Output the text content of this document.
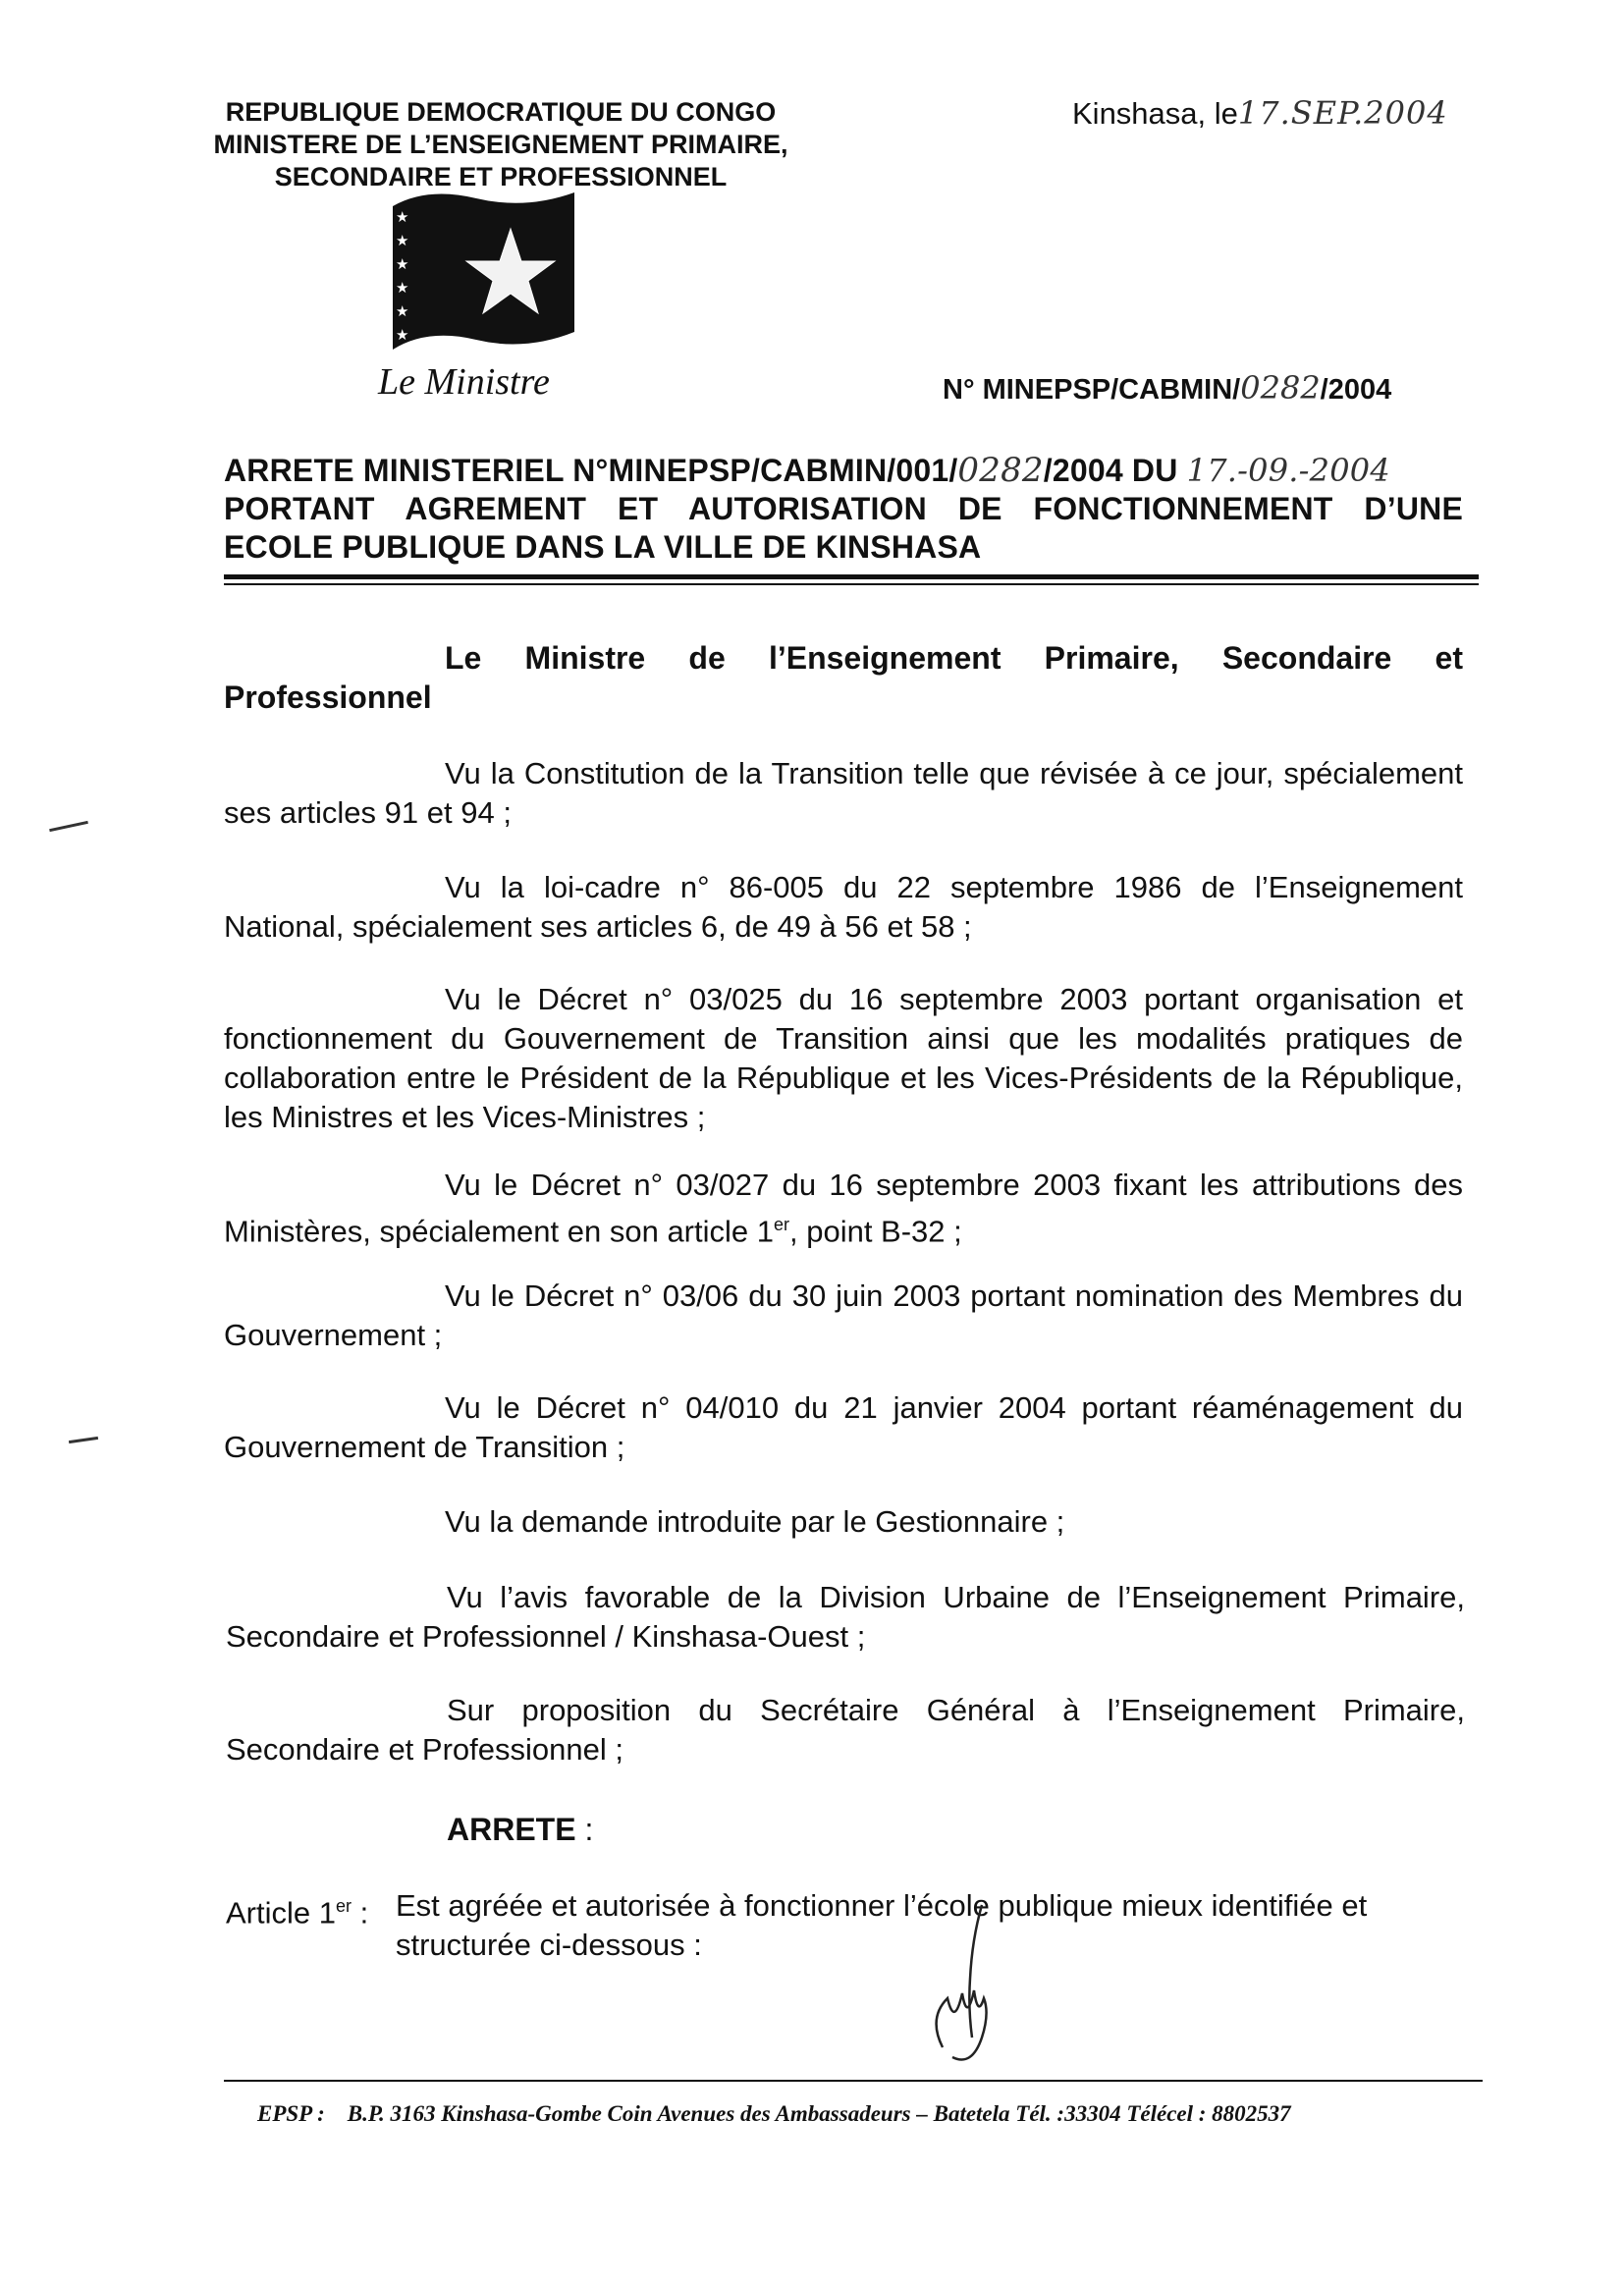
REPUBLIQUE DEMOCRATIQUE DU CONGO
MINISTERE DE L’ENSEIGNEMENT PRIMAIRE,
SECONDAIRE ET PROFESSIONNEL
★
★
★
★
★
★
Le Ministre
Kinshasa, le17.SEP.2004
N° MINEPSP/CABMIN/0282/2004
ARRETE MINISTERIEL N°MINEPSP/CABMIN/001/0282/2004 DU 17.-09.-2004
PORTANT AGREMENT ET AUTORISATION DE FONCTIONNEMENT D’UNE
ECOLE PUBLIQUE DANS LA VILLE DE KINSHASA
Le Ministre de l’Enseignement Primaire, Secondaire et Professionnel
Vu la Constitution de la Transition telle que révisée à ce jour, spécialement ses articles 91 et 94 ;
Vu la loi-cadre n° 86-005 du 22 septembre 1986 de l’Enseignement National, spécialement ses articles 6, de 49 à 56 et 58 ;
Vu le Décret n° 03/025 du 16 septembre 2003 portant organisation et fonctionnement du Gouvernement de Transition ainsi que les modalités pratiques de collaboration entre le Président de la République et les Vices-Présidents de la République, les Ministres et les Vices-Ministres ;
Vu le Décret n° 03/027 du 16 septembre 2003 fixant les attributions des Ministères, spécialement en son article 1er, point B-32 ;
Vu le Décret n° 03/06 du 30 juin 2003 portant nomination des Membres du Gouvernement ;
Vu le Décret n° 04/010 du 21 janvier 2004 portant réaménagement du Gouvernement de Transition ;
Vu la demande introduite par le Gestionnaire ;
Vu l’avis favorable de la Division Urbaine de l’Enseignement Primaire, Secondaire et Professionnel / Kinshasa-Ouest ;
Sur proposition du Secrétaire Général à l’Enseignement Primaire, Secondaire et Professionnel ;
ARRETE :
Article 1er : Est agréée et autorisée à fonctionner l’école publique mieux identifiée et structurée ci-dessous :
EPSP : B.P. 3163 Kinshasa-Gombe Coin Avenues des Ambassadeurs – Batetela Tél. :33304 Télécel : 8802537
